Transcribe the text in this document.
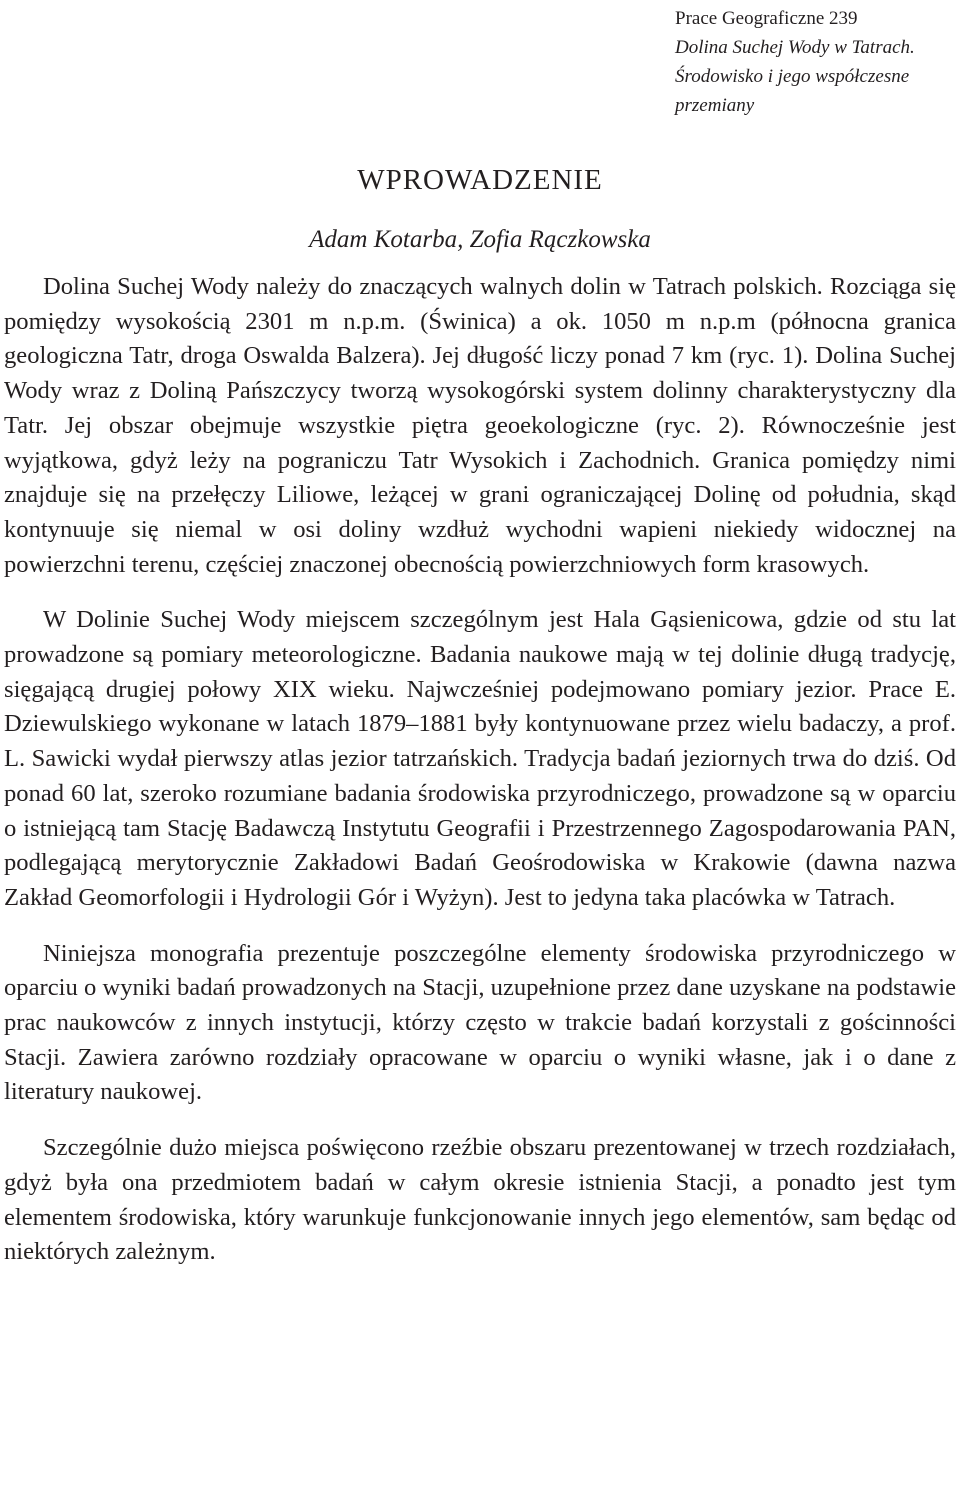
Prace Geograficzne 239
Dolina Suchej Wody w Tatrach.
Środowisko i jego współczesne przemiany
WPROWADZENIE
Adam Kotarba, Zofia Rączkowska

Dolina Suchej Wody należy do znaczących walnych dolin w Tatrach polskich. Rozciąga się pomiędzy wysokością 2301 m n.p.m. (Świnica) a ok. 1050 m n.p.m (północna granica geologiczna Tatr, droga Oswalda Balzera). Jej długość liczy ponad 7 km (ryc. 1). Dolina Suchej Wody wraz z Doliną Pańszczycy tworzą wysokogórski system dolinny charakterystyczny dla Tatr. Jej obszar obejmuje wszystkie piętra geoekologiczne (ryc. 2). Równocześnie jest wyjątkowa, gdyż leży na pograniczu Tatr Wysokich i Zachodnich. Granica pomiędzy nimi znajduje się na przełęczy Liliowe, leżącej w grani ograniczającej Dolinę od południa, skąd kontynuuje się niemal w osi doliny wzdłuż wychodni wapieni niekiedy widocznej na powierzchni terenu, częściej znaczonej obecnością powierzchniowych form krasowych.

W Dolinie Suchej Wody miejscem szczególnym jest Hala Gąsienicowa, gdzie od stu lat prowadzone są pomiary meteorologiczne. Badania naukowe mają w tej dolinie długą tradycję, sięgającą drugiej połowy XIX wieku. Najwcześniej podejmowano pomiary jezior. Prace E. Dziewulskiego wykonane w latach 1879–1881 były kontynuowane przez wielu badaczy, a prof. L. Sawicki wydał pierwszy atlas jezior tatrzańskich. Tradycja badań jeziornych trwa do dziś. Od ponad 60 lat, szeroko rozumiane badania środowiska przyrodniczego, prowadzone są w oparciu o istniejącą tam Stację Badawczą Instytutu Geografii i Przestrzennego Zagospodarowania PAN, podlegającą merytorycznie Zakładowi Badań Geośrodowiska w Krakowie (dawna nazwa Zakład Geomorfologii i Hydrologii Gór i Wyżyn). Jest to jedyna taka placówka w Tatrach.

Niniejsza monografia prezentuje poszczególne elementy środowiska przyrodniczego w oparciu o wyniki badań prowadzonych na Stacji, uzupełnione przez dane uzyskane na podstawie prac naukowców z innych instytucji, którzy często w trakcie badań korzystali z gościnności Stacji. Zawiera zarówno rozdziały opracowane w oparciu o wyniki własne, jak i o dane z literatury naukowej.

Szczególnie dużo miejsca poświęcono rzeźbie obszaru prezentowanej w trzech rozdziałach, gdyż była ona przedmiotem badań w całym okresie istnienia Stacji, a ponadto jest tym elementem środowiska, który warunkuje funkcjonowanie innych jego elementów, sam będąc od niektórych zależnym.
